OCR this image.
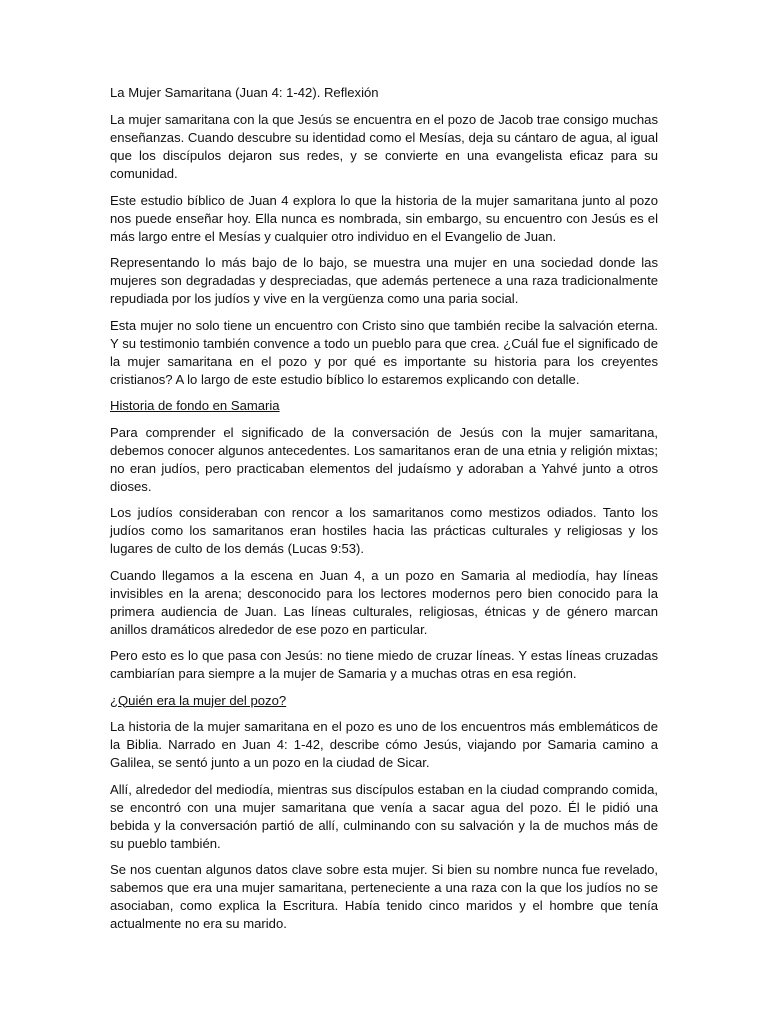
La Mujer Samaritana (Juan 4: 1-42). Reflexión

La mujer samaritana con la que Jesús se encuentra en el pozo de Jacob trae consigo muchas enseñanzas. Cuando descubre su identidad como el Mesías, deja su cántaro de agua, al igual que los discípulos dejaron sus redes, y se convierte en una evangelista eficaz para su comunidad.

Este estudio bíblico de Juan 4 explora lo que la historia de la mujer samaritana junto al pozo nos puede enseñar hoy. Ella nunca es nombrada, sin embargo, su encuentro con Jesús es el más largo entre el Mesías y cualquier otro individuo en el Evangelio de Juan.

Representando lo más bajo de lo bajo, se muestra una mujer en una sociedad donde las mujeres son degradadas y despreciadas, que además pertenece a una raza tradicionalmente repudiada por los judíos y vive en la vergüenza como una paria social.

Esta mujer no solo tiene un encuentro con Cristo sino que también recibe la salvación eterna. Y su testimonio también convence a todo un pueblo para que crea. ¿Cuál fue el significado de la mujer samaritana en el pozo y por qué es importante su historia para los creyentes cristianos? A lo largo de este estudio bíblico lo estaremos explicando con detalle.

Historia de fondo en Samaria

Para comprender el significado de la conversación de Jesús con la mujer samaritana, debemos conocer algunos antecedentes. Los samaritanos eran de una etnia y religión mixtas; no eran judíos, pero practicaban elementos del judaísmo y adoraban a Yahvé junto a otros dioses.

Los judíos consideraban con rencor a los samaritanos como mestizos odiados. Tanto los judíos como los samaritanos eran hostiles hacia las prácticas culturales y religiosas y los lugares de culto de los demás (Lucas 9:53).

Cuando llegamos a la escena en Juan 4, a un pozo en Samaria al mediodía, hay líneas invisibles en la arena; desconocido para los lectores modernos pero bien conocido para la primera audiencia de Juan. Las líneas culturales, religiosas, étnicas y de género marcan anillos dramáticos alrededor de ese pozo en particular.

Pero esto es lo que pasa con Jesús: no tiene miedo de cruzar líneas. Y estas líneas cruzadas cambiarían para siempre a la mujer de Samaria y a muchas otras en esa región.

¿Quién era la mujer del pozo?

La historia de la mujer samaritana en el pozo es uno de los encuentros más emblemáticos de la Biblia. Narrado en Juan 4: 1-42, describe cómo Jesús, viajando por Samaria camino a Galilea, se sentó junto a un pozo en la ciudad de Sicar.

Allí, alrededor del mediodía, mientras sus discípulos estaban en la ciudad comprando comida, se encontró con una mujer samaritana que venía a sacar agua del pozo. Él le pidió una bebida y la conversación partió de allí, culminando con su salvación y la de muchos más de su pueblo también.

Se nos cuentan algunos datos clave sobre esta mujer. Si bien su nombre nunca fue revelado, sabemos que era una mujer samaritana, perteneciente a una raza con la que los judíos no se asociaban, como explica la Escritura. Había tenido cinco maridos y el hombre que tenía actualmente no era su marido.
